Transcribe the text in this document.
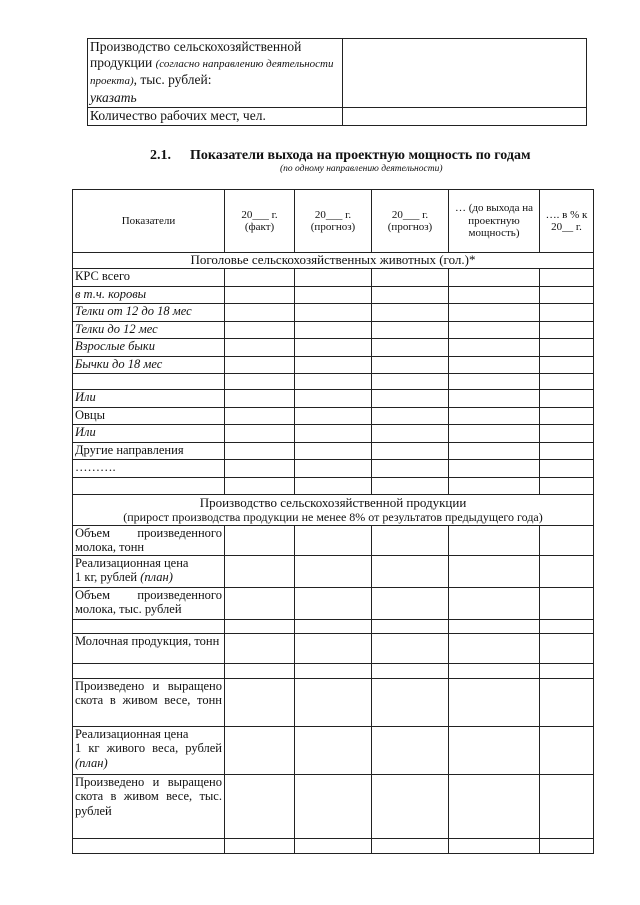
Производство сельскохозяйственной
продукции (согласно направлению деятельности проекта), тыс. рублей:
указать	

Количество рабочих мест, чел.	
2.1. Показатели выхода на проектную мощность по годам
(по одному направлению деятельности)
Показатели	20___ г. (факт)	20___ г. (прогноз)	20___ г. (прогноз)	… (до выхода на проектную мощность)	…. в % к 20__ г.
Поголовье сельскохозяйственных животных (гол.)*					
КРС всего					
в т.ч. коровы					
Телки от 12 до 18 мес					
Телки до 12 мес					
Взрослые быки					
Бычки до 18 мес					

Или					
Овцы					
Или					
Другие направления					
……….					

Производство сельскохозяйственной продукции
(прирост производства продукции не менее 8% от результатов предыдущего года)					

Объем произведенного молока, тонн					

Реализационная цена
1 кг, рублей (план)					

Объем произведенного молока, тыс. рублей					

Молочная продукция, тонн					

Произведено и выращено скота в живом весе, тонн					

Реализационная цена
1 кг живого веса, рублей (план)					

Произведено и выращено скота в живом весе, тыс. рублей					
